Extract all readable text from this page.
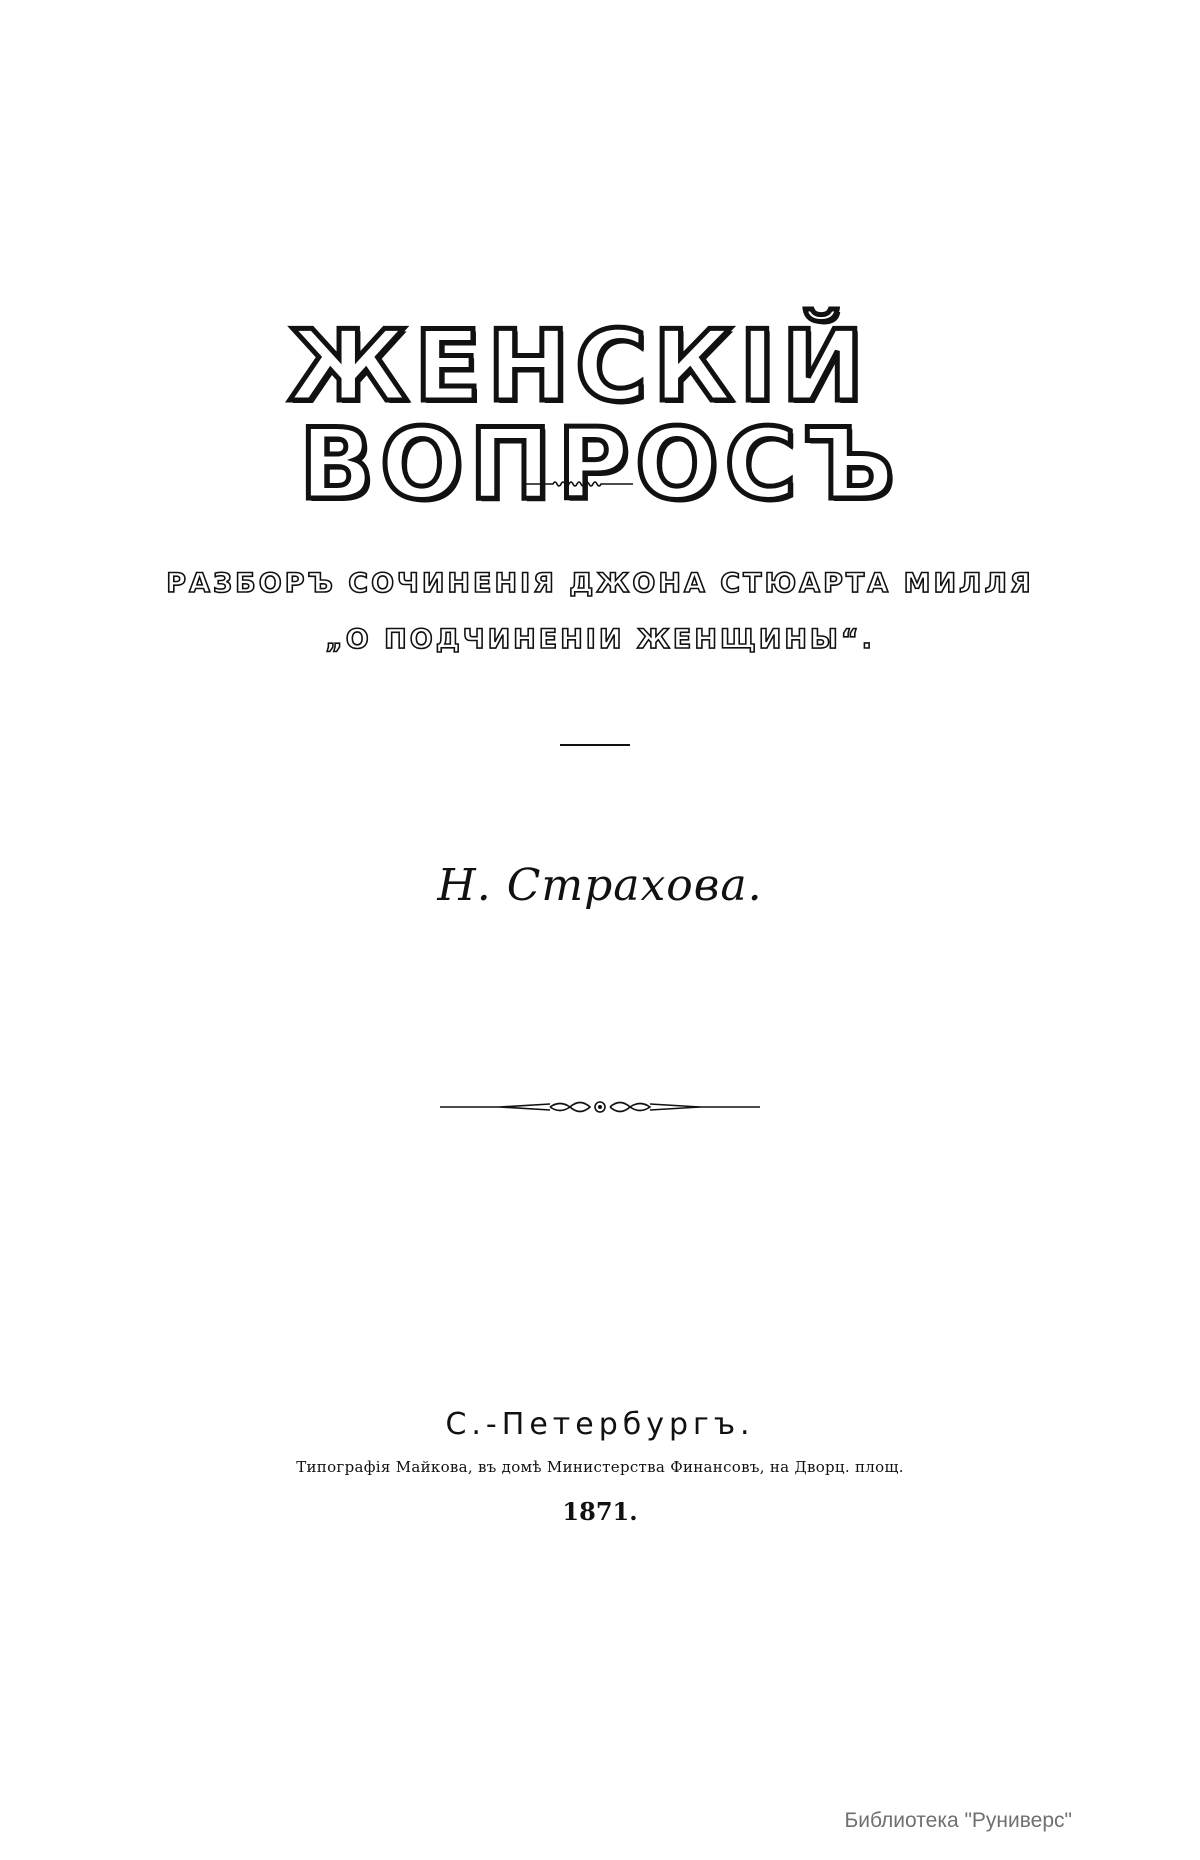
ЖЕНСКІЙВОПРОСЪ
РАЗБОРЪ СОЧИНЕНІЯ ДЖОНА СТЮАРТА МИЛЛЯ
„О ПОДЧИНЕНІИ ЖЕНЩИНЫ“.
Н. Страхова.
С.-Петербургъ.
Типографія Майкова, въ домѣ Министерства Финансовъ, на Дворц. площ.
1871.
Библиотека "Руниверс"
